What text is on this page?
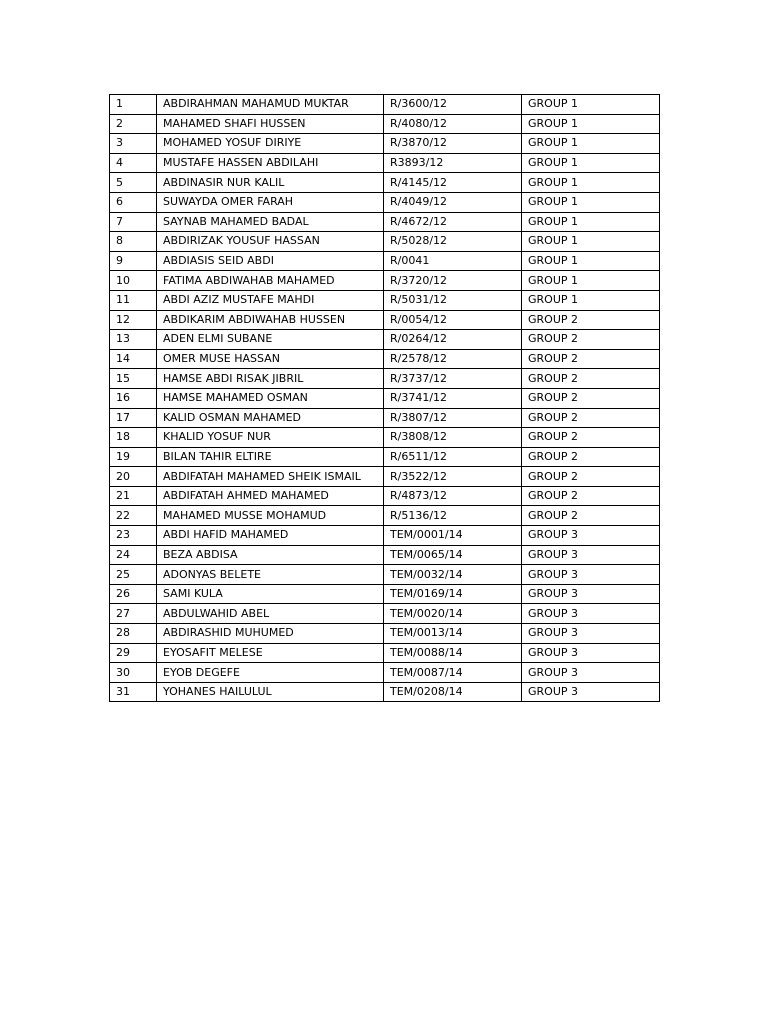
1	ABDIRAHMAN MAHAMUD MUKTAR	R/3600/12	GROUP 1
2	MAHAMED SHAFI HUSSEN	R/4080/12	GROUP 1
3	MOHAMED YOSUF DIRIYE	R/3870/12	GROUP 1
4	MUSTAFE HASSEN ABDILAHI	R3893/12	GROUP 1
5	ABDINASIR NUR KALIL	R/4145/12	GROUP 1
6	SUWAYDA OMER FARAH	R/4049/12	GROUP 1
7	SAYNAB MAHAMED BADAL	R/4672/12	GROUP 1
8	ABDIRIZAK YOUSUF HASSAN	R/5028/12	GROUP 1
9	ABDIASIS SEID ABDI	R/0041	GROUP 1
10	FATIMA ABDIWAHAB MAHAMED	R/3720/12	GROUP 1
11	ABDI AZIZ MUSTAFE MAHDI	R/5031/12	GROUP 1
12	ABDIKARIM ABDIWAHAB HUSSEN	R/0054/12	GROUP 2
13	ADEN ELMI SUBANE	R/0264/12	GROUP 2
14	OMER MUSE HASSAN	R/2578/12	GROUP 2
15	HAMSE ABDI RISAK JIBRIL	R/3737/12	GROUP 2
16	HAMSE MAHAMED OSMAN	R/3741/12	GROUP 2
17	KALID OSMAN MAHAMED	R/3807/12	GROUP 2
18	KHALID YOSUF NUR	R/3808/12	GROUP 2
19	BILAN TAHIR ELTIRE	R/6511/12	GROUP 2
20	ABDIFATAH MAHAMED SHEIK ISMAIL	R/3522/12	GROUP 2
21	ABDIFATAH AHMED MAHAMED	R/4873/12	GROUP 2
22	MAHAMED MUSSE MOHAMUD	R/5136/12	GROUP 2
23	ABDI HAFID MAHAMED	TEM/0001/14	GROUP 3
24	BEZA ABDISA	TEM/0065/14	GROUP 3
25	ADONYAS BELETE	TEM/0032/14	GROUP 3
26	SAMI KULA	TEM/0169/14	GROUP 3
27	ABDULWAHID ABEL	TEM/0020/14	GROUP 3
28	ABDIRASHID MUHUMED	TEM/0013/14	GROUP 3
29	EYOSAFIT MELESE	TEM/0088/14	GROUP 3
30	EYOB DEGEFE	TEM/0087/14	GROUP 3
31	YOHANES HAILULUL	TEM/0208/14	GROUP 3
